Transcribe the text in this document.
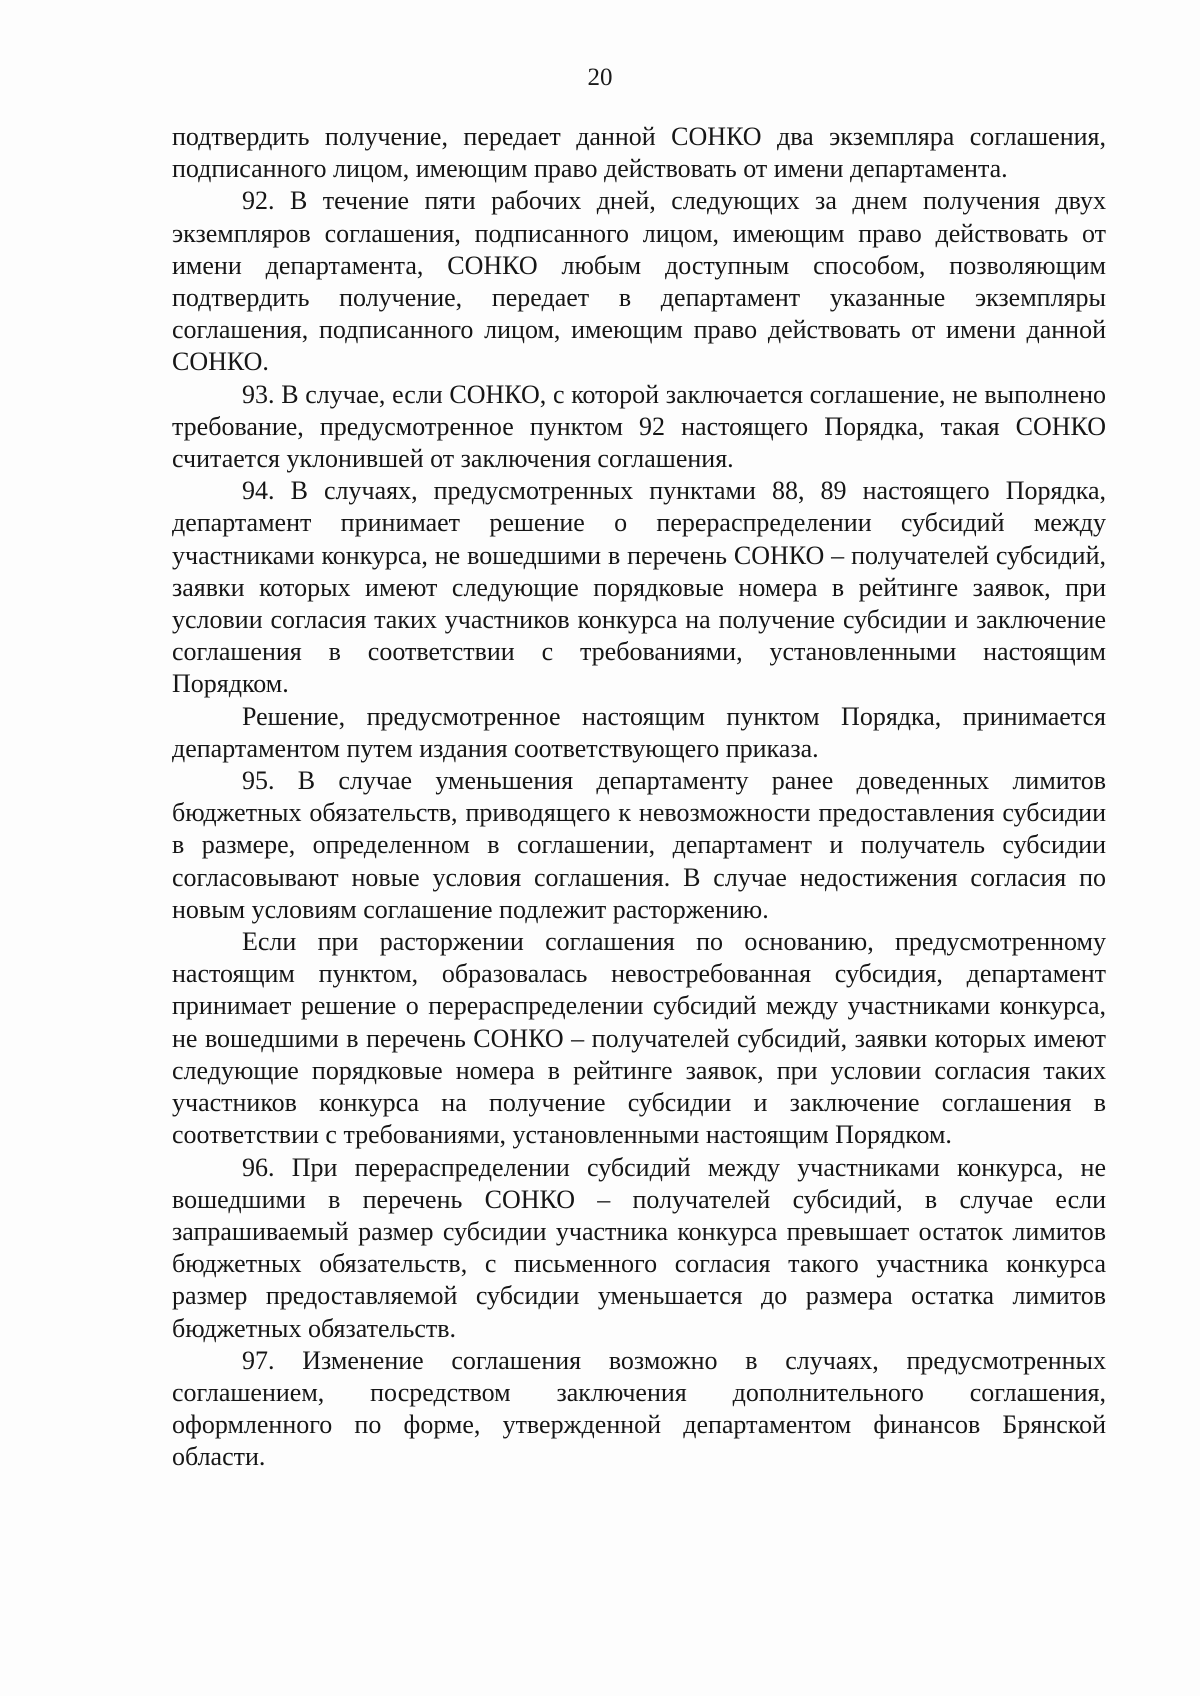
20

подтвердить получение, передает данной СОНКО два экземпляра соглашения, подписанного лицом, имеющим право действовать от имени департамента.

92. В течение пяти рабочих дней, следующих за днем получения двух экземпляров соглашения, подписанного лицом, имеющим право действовать от имени департамента, СОНКО любым доступным способом, позволяющим подтвердить получение, передает в департамент указанные экземпляры соглашения, подписанного лицом, имеющим право действовать от имени данной СОНКО.

93. В случае, если СОНКО, с которой заключается соглашение, не выполнено требование, предусмотренное пунктом 92 настоящего Порядка, такая СОНКО считается уклонившей от заключения соглашения.

94. В случаях, предусмотренных пунктами 88, 89 настоящего Порядка, департамент принимает решение о перераспределении субсидий между участниками конкурса, не вошедшими в перечень СОНКО – получателей субсидий, заявки которых имеют следующие порядковые номера в рейтинге заявок, при условии согласия таких участников конкурса на получение субсидии и заключение соглашения в соответствии с требованиями, установленными настоящим Порядком.

Решение, предусмотренное настоящим пунктом Порядка, принимается департаментом путем издания соответствующего приказа.

95. В случае уменьшения департаменту ранее доведенных лимитов бюджетных обязательств, приводящего к невозможности предоставления субсидии в размере, определенном в соглашении, департамент и получатель субсидии согласовывают новые условия соглашения. В случае недостижения согласия по новым условиям соглашение подлежит расторжению.

Если при расторжении соглашения по основанию, предусмотренному настоящим пунктом, образовалась невостребованная субсидия, департамент принимает решение о перераспределении субсидий между участниками конкурса, не вошедшими в перечень СОНКО – получателей субсидий, заявки которых имеют следующие порядковые номера в рейтинге заявок, при условии согласия таких участников конкурса на получение субсидии и заключение соглашения в соответствии с требованиями, установленными настоящим Порядком.

96. При перераспределении субсидий между участниками конкурса, не вошедшими в перечень СОНКО – получателей субсидий, в случае если запрашиваемый размер субсидии участника конкурса превышает остаток лимитов бюджетных обязательств, с письменного согласия такого участника конкурса размер предоставляемой субсидии уменьшается до размера остатка лимитов бюджетных обязательств.

97. Изменение соглашения возможно в случаях, предусмотренных соглашением, посредством заключения дополнительного соглашения, оформленного по форме, утвержденной департаментом финансов Брянской области.
